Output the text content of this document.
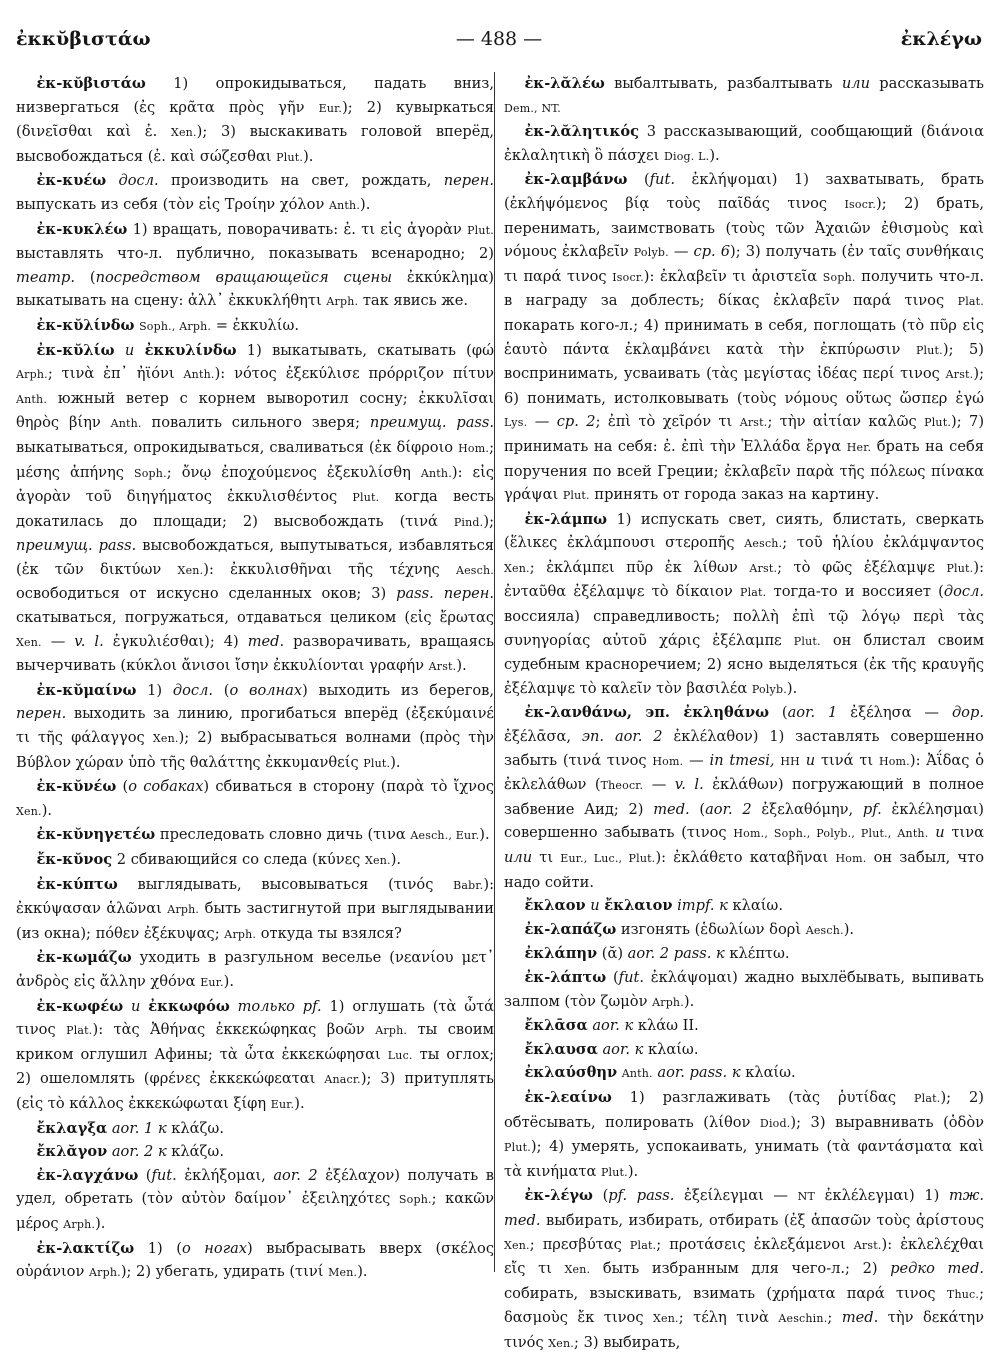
ἐκκῠβιστάω	— 488 —	ἐκλέγω

ἐκ-κῠβιστάω 1) опрокидываться, падать вниз, низвергаться (ἐς κρᾶτα πρὸς γῆν Eur.); 2) кувыркаться (δινεῖσθαι καὶ ἐ. Xen.); 3) выскакивать головой вперёд, высвобождаться (ἐ. καὶ σώζεσθαι Plut.).

ἐκ-κυέω досл. производить на свет, рождать, перен. выпускать из себя (τὸν εἰς Τροίην χόλον Anth.).

ἐκ-κυκλέω 1) вращать, поворачивать: ἐ. τι εἰς ἀγορὰν Plut. выставлять что-л. публично, показывать всенародно; 2) театр. (посредством вращающейся сцены ἐκκύκλημα) выкатывать на сцену: ἀλλ᾽ ἐκκυκλήθητι Arph. так явись же.

ἐκ-κῠλίνδω Soph., Arph. = ἐκκυλίω.

ἐκ-κῠλίω и ἐκκυλίνδω 1) выкатывать, скатывать (φώ Arph.; τινὰ ἐπ᾽ ἠϊόνι Anth.): νότος ἐξεκύλισε πρόρριζον πίτυν Anth. южный ветер с корнем выворотил сосну; ἐκκυλῖσαι θηρὸς βίην Anth. повалить сильного зверя; преимущ. pass. выкатываться, опрокидываться, сваливаться (ἐκ δίφροιο Hom.; μέσης ἀπήνης Soph.; ὄνῳ ἐποχούμενος ἐξεκυλίσθη Anth.): εἰς ἀγορὰν τοῦ διηγήματος ἐκκυλισθέντος Plut. когда весть докатилась до площади; 2) высвобождать (τινά Pind.); преимущ. pass. высвобождаться, выпутываться, избавляться (ἐκ τῶν δικτύων Xen.): ἐκκυλισθῆναι τῆς τέχνης Aesch. освободиться от искусно сделанных оков; 3) pass. перен. скатываться, погружаться, отдаваться целиком (εἰς ἔρωτας Xen. — v. l. ἐγκυλιέσθαι); 4) med. разворачивать, вращаясь вычерчивать (κύκλοι ἄνισοι ἴσην ἐκκυλίονται γραφήν Arst.).

ἐκ-κῠμαίνω 1) досл. (о волнах) выходить из берегов, перен. выходить за линию, прогибаться вперёд (ἐξεκύμαινέ τι τῆς φάλαγγος Xen.); 2) выбрасываться волнами (πρὸς τὴν Βύβλον χώραν ὑπὸ τῆς θαλάττης ἐκκυμανθείς Plut.).

ἐκ-κῠνέω (о собаках) сбиваться в сторону (παρὰ τὸ ἴχνος Xen.).

ἐκ-κῠνηγετέω преследовать словно дичь (τινα Aesch., Eur.).

ἔκ-κῠνος 2 сбивающийся со следа (κύνες Xen.).

ἐκ-κύπτω выглядывать, высовываться (τινός Babr.): ἐκκύψασαν ἁλῶναι Arph. быть застигнутой при выглядывании (из окна); πόθεν ἐξέκυψας; Arph. откуда ты взялся?

ἐκ-κωμάζω уходить в разгульном веселье (νεανίου μετ᾽ ἀνδρὸς εἰς ἄλλην χθόνα Eur.).

ἐκ-κωφέω и ἐκκωφόω только pf. 1) оглушать (τὰ ὦτά τινος Plat.): τὰς Ἀθήνας ἐκκεκώφηκας βοῶν Arph. ты своим криком оглушил Афины; τὰ ὦτα ἐκκεκώφησαι Luc. ты оглох; 2) ошеломлять (φρένες ἐκκεκώφεαται Anacr.); 3) притуплять (εἰς τὸ κάλλος ἐκκεκώφωται ξίφη Eur.).

ἔκλαγξα aor. 1 к κλάζω.

ἔκλᾰγον aor. 2 к κλάζω.

ἐκ-λαγχάνω (fut. ἐκλήξομαι, aor. 2 ἐξέλαχον) получать в удел, обретать (τὸν αὐτὸν δαίμον᾽ ἐξειληχότες Soph.; κακῶν μέρος Arph.).

ἐκ-λακτίζω 1) (о ногах) выбрасывать вверх (σκέλος οὐράνιον Arph.); 2) убегать, удирать (τινί Men.).

ἐκ-λᾰλέω выбалтывать, разбалтывать или рассказывать Dem., NT.

ἐκ-λᾰλητικός 3 рассказывающий, сообщающий (διάνοια ἐκλαλητικὴ ὃ πάσχει Diog. L.).

ἐκ-λαμβάνω (fut. ἐκλήψομαι) 1) захватывать, брать (ἐκλήψόμενος βίᾳ τοὺς παῖδάς τινος Isocr.); 2) брать, перенимать, заимствовать (τοὺς τῶν Ἀχαιῶν ἐθισμοὺς καὶ νόμους ἐκλαβεῖν Polyb. — ср. 6); 3) получать (ἐν ταῖς συνθήκαις τι παρά τινος Isocr.): ἐκλαβεῖν τι ἀριστεῖα Soph. получить что-л. в награду за доблесть; δίκας ἐκλαβεῖν παρά τινος Plat. покарать кого-л.; 4) принимать в себя, поглощать (τὸ πῦρ εἰς ἑαυτὸ πάντα ἐκλαμβάνει κατὰ τὴν ἐκπύρωσιν Plut.); 5) воспринимать, усваивать (τὰς μεγίστας ἰδέας περί τινος Arst.); 6) понимать, истолковывать (τοὺς νόμους οὕτως ὥσπερ ἐγώ Lys. — ср. 2; ἐπὶ τὸ χεῖρόν τι Arst.; τὴν αἰτίαν καλῶς Plut.); 7) принимать на себя: ἐ. ἐπὶ τὴν Ἑλλάδα ἔργα Her. брать на себя поручения по всей Греции; ἐκλαβεῖν παρὰ τῆς πόλεως πίνακα γράψαι Plut. принять от города заказ на картину.

ἐκ-λάμπω 1) испускать свет, сиять, блистать, сверкать (ἕλικες ἐκλάμπουσι στεροπῆς Aesch.; τοῦ ἡλίου ἐκλάμψαντος Xen.; ἐκλάμπει πῦρ ἐκ λίθων Arst.; τὸ φῶς ἐξέλαμψε Plut.): ἐνταῦθα ἐξέλαμψε τὸ δίκαιον Plat. тогда-то и воссияет (досл. воссияла) справедливость; πολλὴ ἐπὶ τῷ λόγῳ περὶ τὰς συνηγορίας αὐτοῦ χάρις ἐξέλαμπε Plut. он блистал своим судебным красноречием; 2) ясно выделяться (ἐκ τῆς κραυγῆς ἐξέλαμψε τὸ καλεῖν τὸν βασιλέα Polyb.).

ἐκ-λανθάνω, эп. ἐκληθάνω (aor. 1 ἐξέλησα — дор. ἐξέλᾱσα, эп. aor. 2 ἐκλέλαθον) 1) заставлять совершенно забыть (τινά τινος Hom. — in tmesi, HH и τινά τι Hom.): Ἀΐδας ὁ ἐκλελάθων (Theocr. — v. l. ἐκλάθων) погружающий в полное забвение Аид; 2) med. (aor. 2 ἐξελαθόμην, pf. ἐκλέλησμαι) совершенно забывать (τινος Hom., Soph., Polyb., Plut., Anth. и τινα или τι Eur., Luc., Plut.): ἐκλάθετο καταβῆναι Hom. он забыл, что надо сойти.

ἔκλαον и ἔκλαιον impf. к κλαίω.

ἐκ-λαπάζω изгонять (ἑδωλίων δορὶ Aesch.).

ἐκλάπην (ᾰ) aor. 2 pass. к κλέπτω.

ἐκ-λάπτω (fut. ἐκλάψομαι) жадно выхлёбывать, выпивать залпом (τὸν ζωμὸν Arph.).

ἔκλᾱσα aor. к κλάω II.

ἔκλαυσα aor. к κλαίω.

ἐκλαύσθην Anth. aor. pass. к κλαίω.

ἐκ-λεαίνω 1) разглаживать (τὰς ῥυτίδας Plat.); 2) обтёсывать, полировать (λίθον Diod.); 3) выравнивать (ὁδὸν Plut.); 4) умерять, успокаивать, унимать (τὰ φαντάσματα καὶ τὰ κινήματα Plut.).

ἐκ-λέγω (pf. pass. ἐξείλεγμαι — NT ἐκλέλεγμαι) 1) тж. med. выбирать, избирать, отбирать (ἐξ ἁπασῶν τοὺς ἀρίστους Xen.; πρεσβύτας Plat.; προτάσεις ἐκλεξάμενοι Arst.): ἐκλελέχθαι εἴς τι Xen. быть избранным для чего-л.; 2) редко med. собирать, взыскивать, взимать (χρήματα παρά τινος Thuc.; δασμοὺς ἔκ τινος Xen.; τέλη τινὰ Aeschin.; med. τὴν δεκάτην τινός Xen.; 3) выбирать,
